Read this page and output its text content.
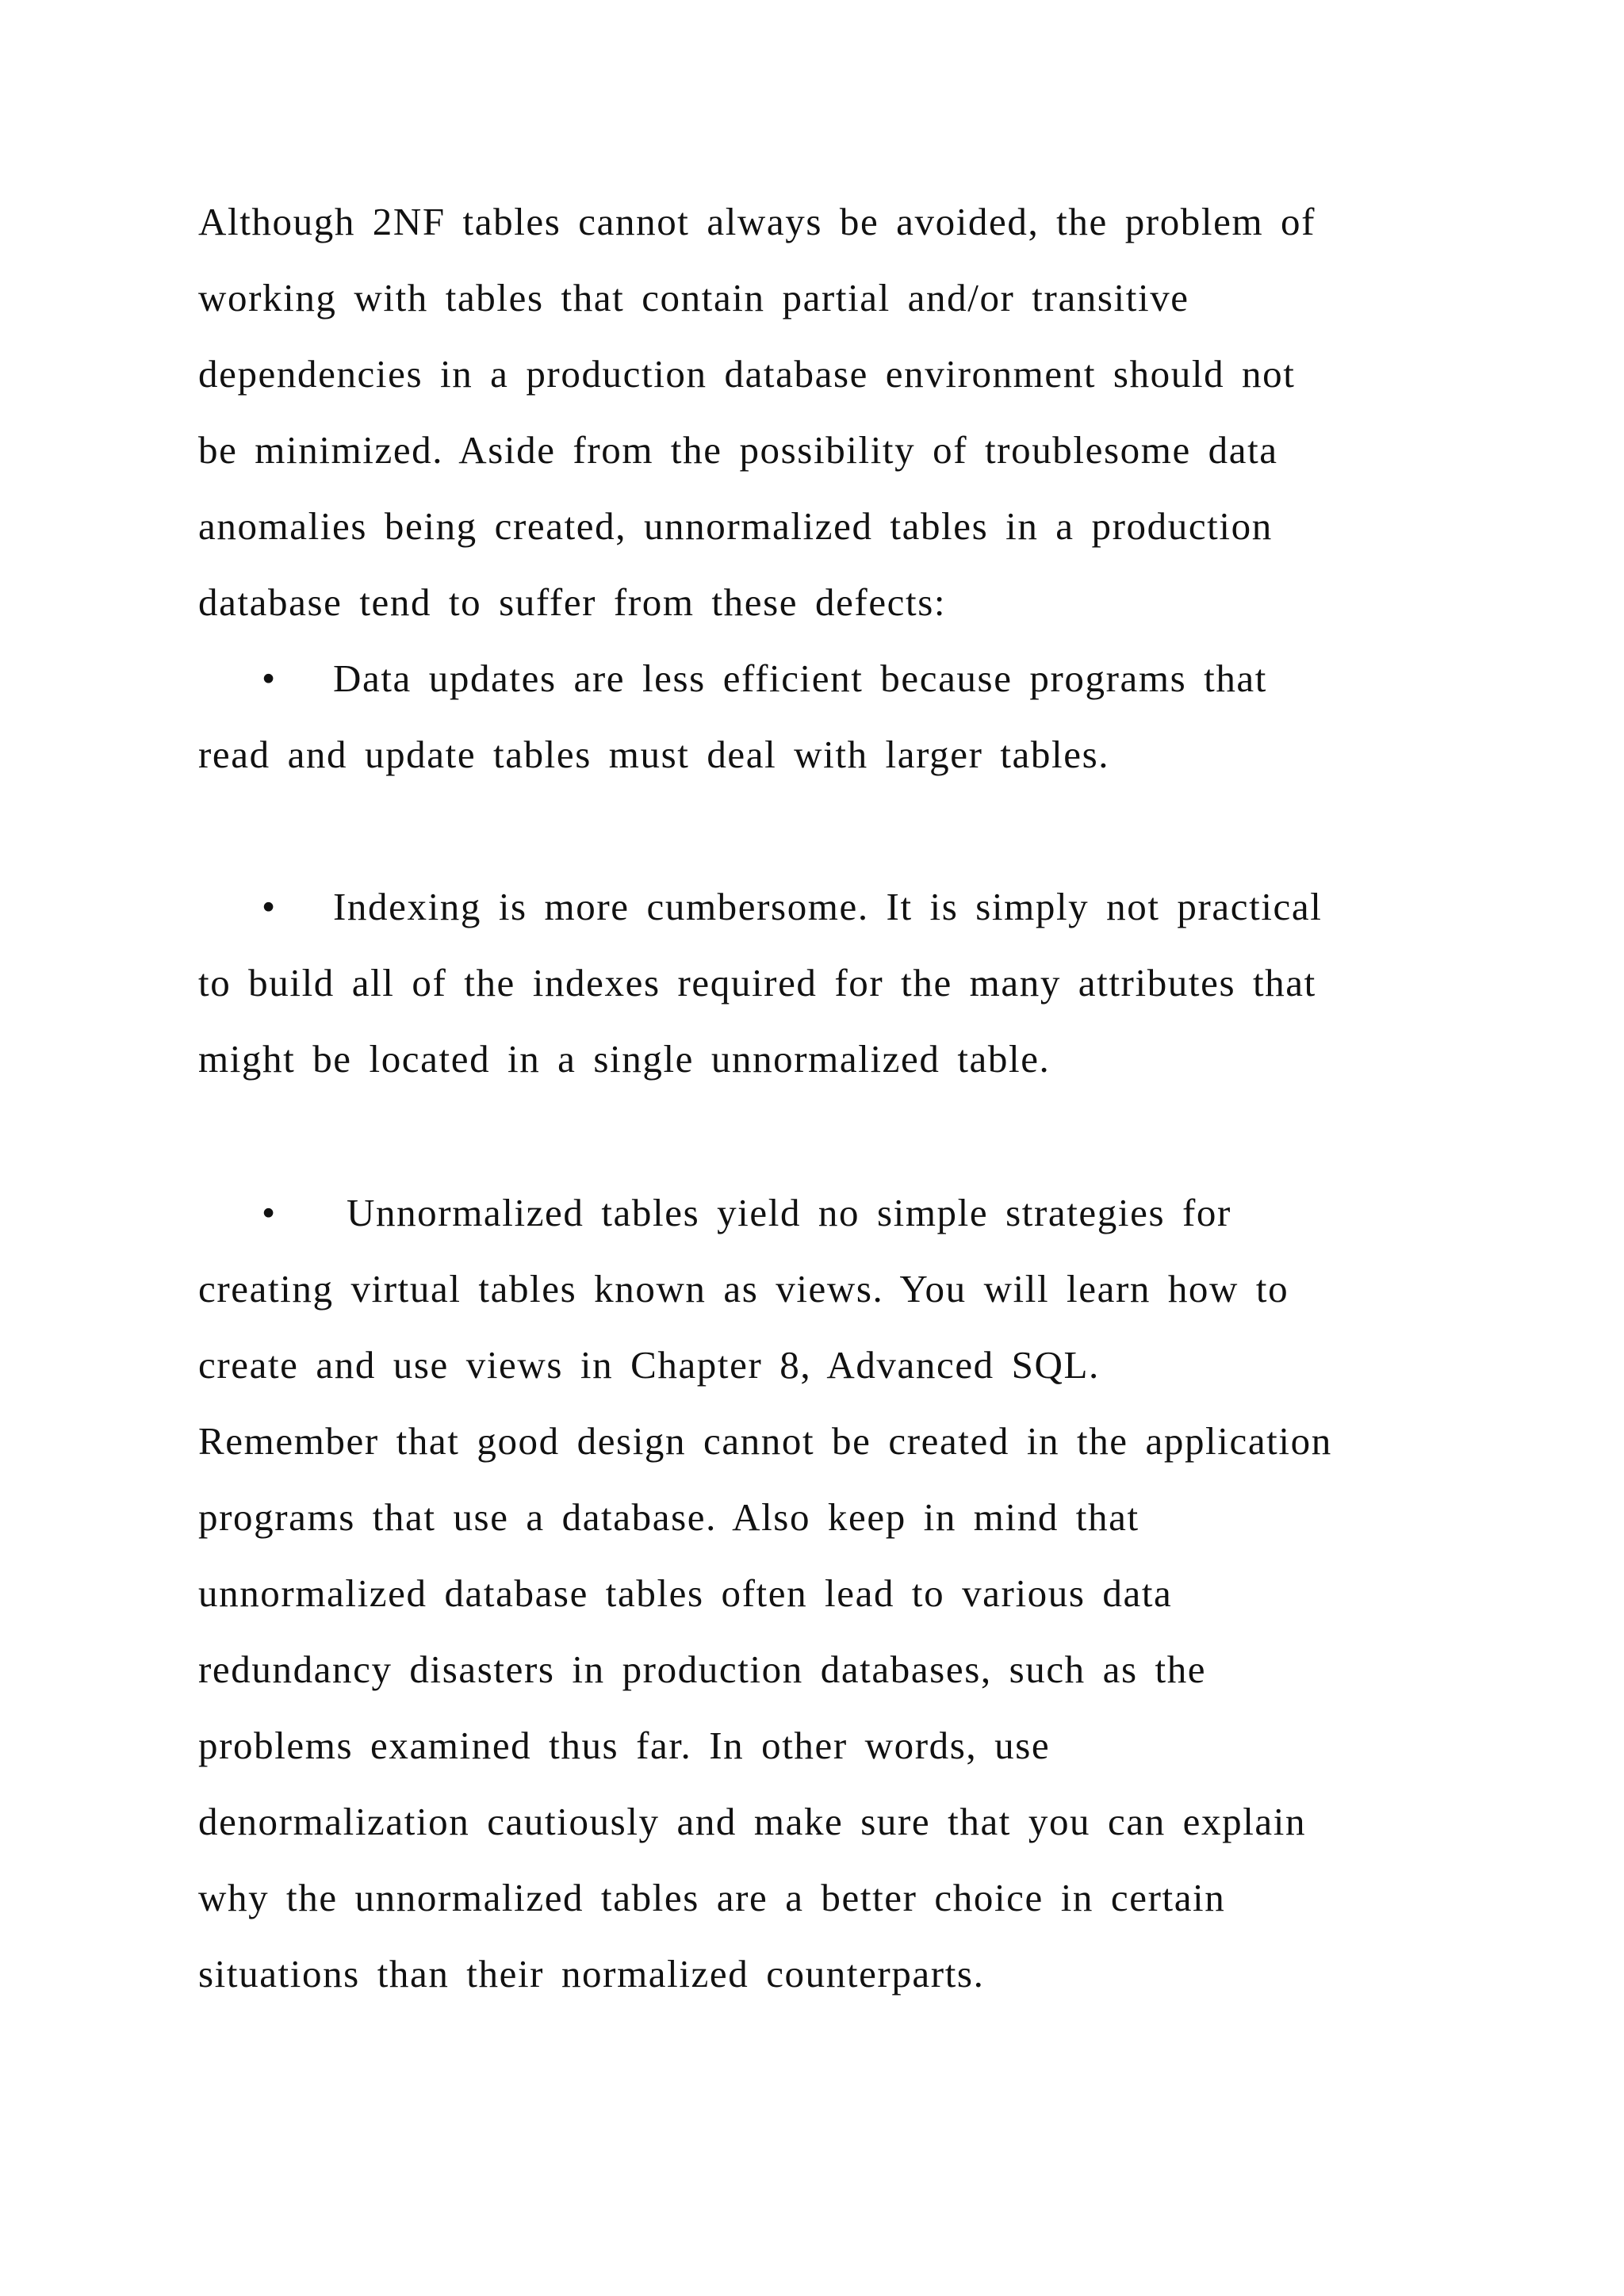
Although 2NF tables cannot always be avoided, the problem of
working with tables that contain partial and/or transitive
dependencies in a production database environment should not
be minimized. Aside from the possibility of troublesome data
anomalies being created, unnormalized tables in a production
database tend to suffer from these defects:
• Data updates are less efficient because programs that
read and update tables must deal with larger tables.
• Indexing is more cumbersome. It is simply not practical
to build all of the indexes required for the many attributes that
might be located in a single unnormalized table.
• Unnormalized tables yield no simple strategies for
creating virtual tables known as views. You will learn how to
create and use views in Chapter 8, Advanced SQL.
Remember that good design cannot be created in the application
programs that use a database. Also keep in mind that
unnormalized database tables often lead to various data
redundancy disasters in production databases, such as the
problems examined thus far. In other words, use
denormalization cautiously and make sure that you can explain
why the unnormalized tables are a better choice in certain
situations than their normalized counterparts.
